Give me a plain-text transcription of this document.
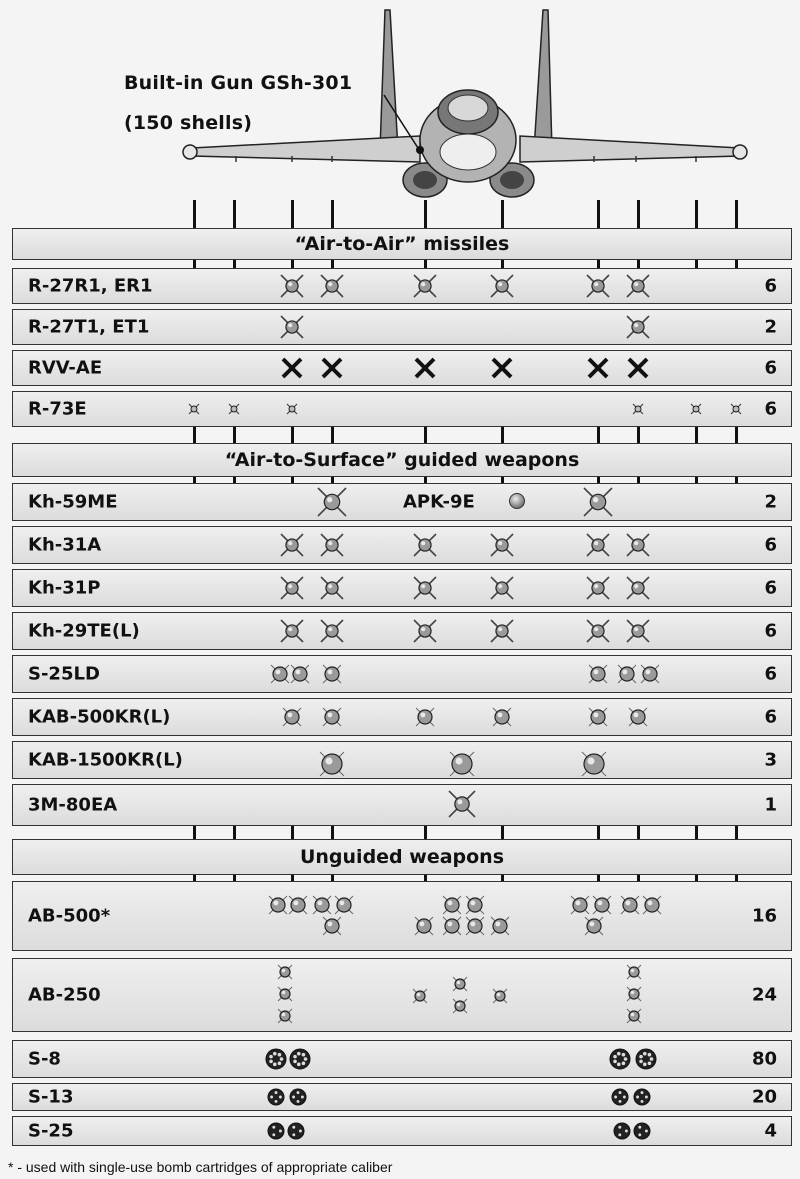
Built-in Gun GSh-301
(150 shells)
“Air-to-Air” missiles
R-27R1, ER1	6
R-27T1, ET1	2
RVV-AE	6
R-73E	6
“Air-to-Surface” guided weapons
Kh-59ME	APK-9E	2
Kh-31A	6
Kh-31P	6
Kh-29TE(L)	6
S-25LD	6
KAB-500KR(L)	6
KAB-1500KR(L)	3
3M-80EA	1
Unguided weapons
AB-500*	16
AB-250	24
S-8	80
S-13	20
S-25	4
* - used with single-use bomb cartridges of appropriate caliber
